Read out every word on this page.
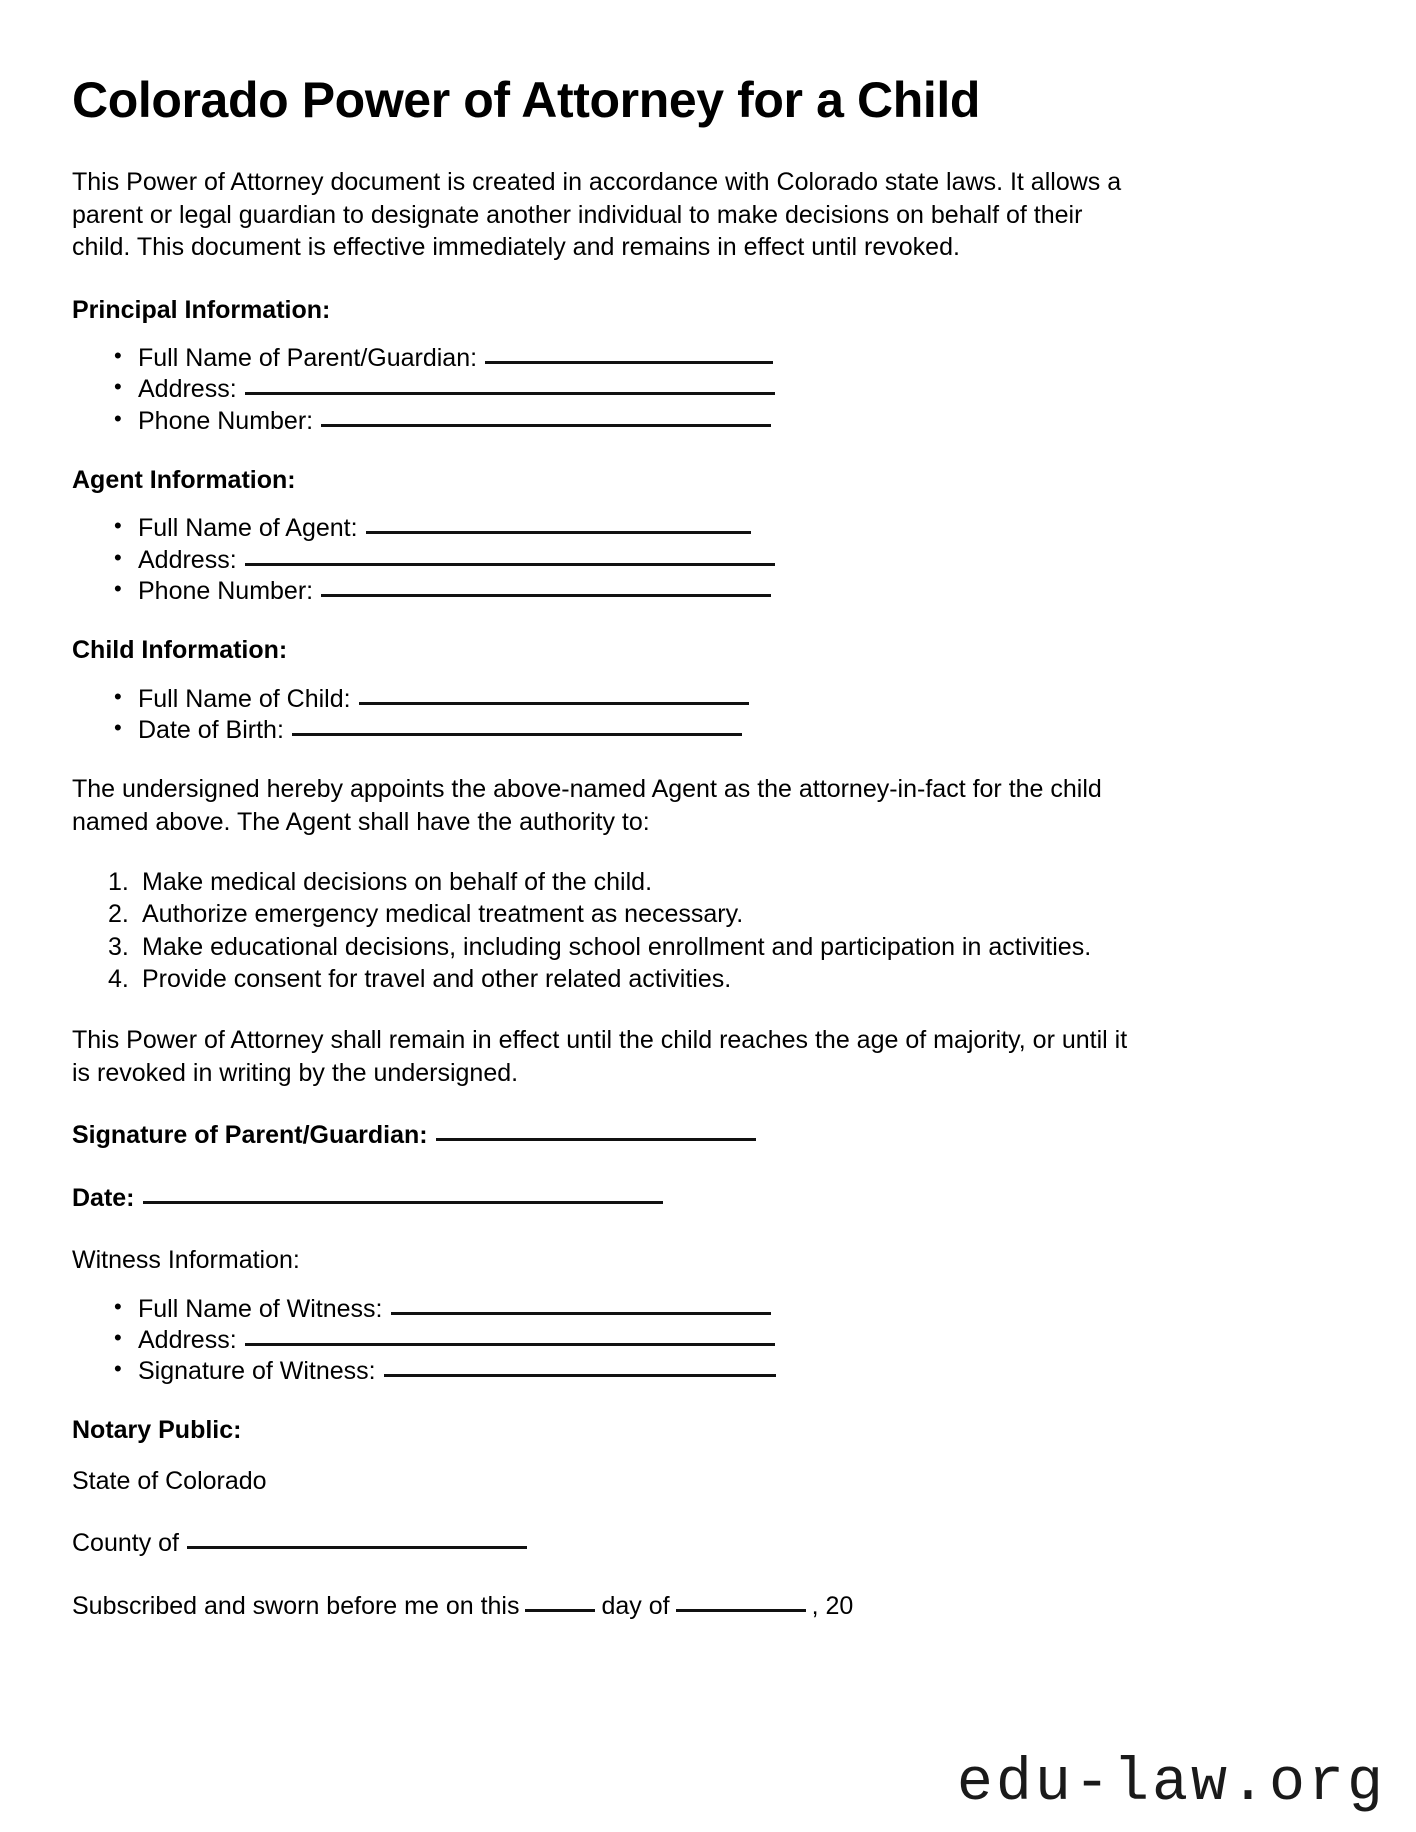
Colorado Power of Attorney for a Child

This Power of Attorney document is created in accordance with Colorado state laws. It allows a parent or legal guardian to designate another individual to make decisions on behalf of their child. This document is effective immediately and remains in effect until revoked.

Principal Information:
• Full Name of Parent/Guardian:
• Address:
• Phone Number:
Agent Information:
• Full Name of Agent:
• Address:
• Phone Number:
Child Information:
• Full Name of Child:
• Date of Birth:

The undersigned hereby appoints the above-named Agent as the attorney-in-fact for the child named above. The Agent shall have the authority to:

Make medical decisions on behalf of the child.
Authorize emergency medical treatment as necessary.
Make educational decisions, including school enrollment and participation in activities.
Provide consent for travel and other related activities.

This Power of Attorney shall remain in effect until the child reaches the age of majority, or until it is revoked in writing by the undersigned.

Signature of Parent/Guardian:
Date:

Witness Information:

• Full Name of Witness:
• Address:
• Signature of Witness:
Notary Public:

State of Colorado

County of

Subscribed and sworn before me on this	day of	, 20

edu-law.org
